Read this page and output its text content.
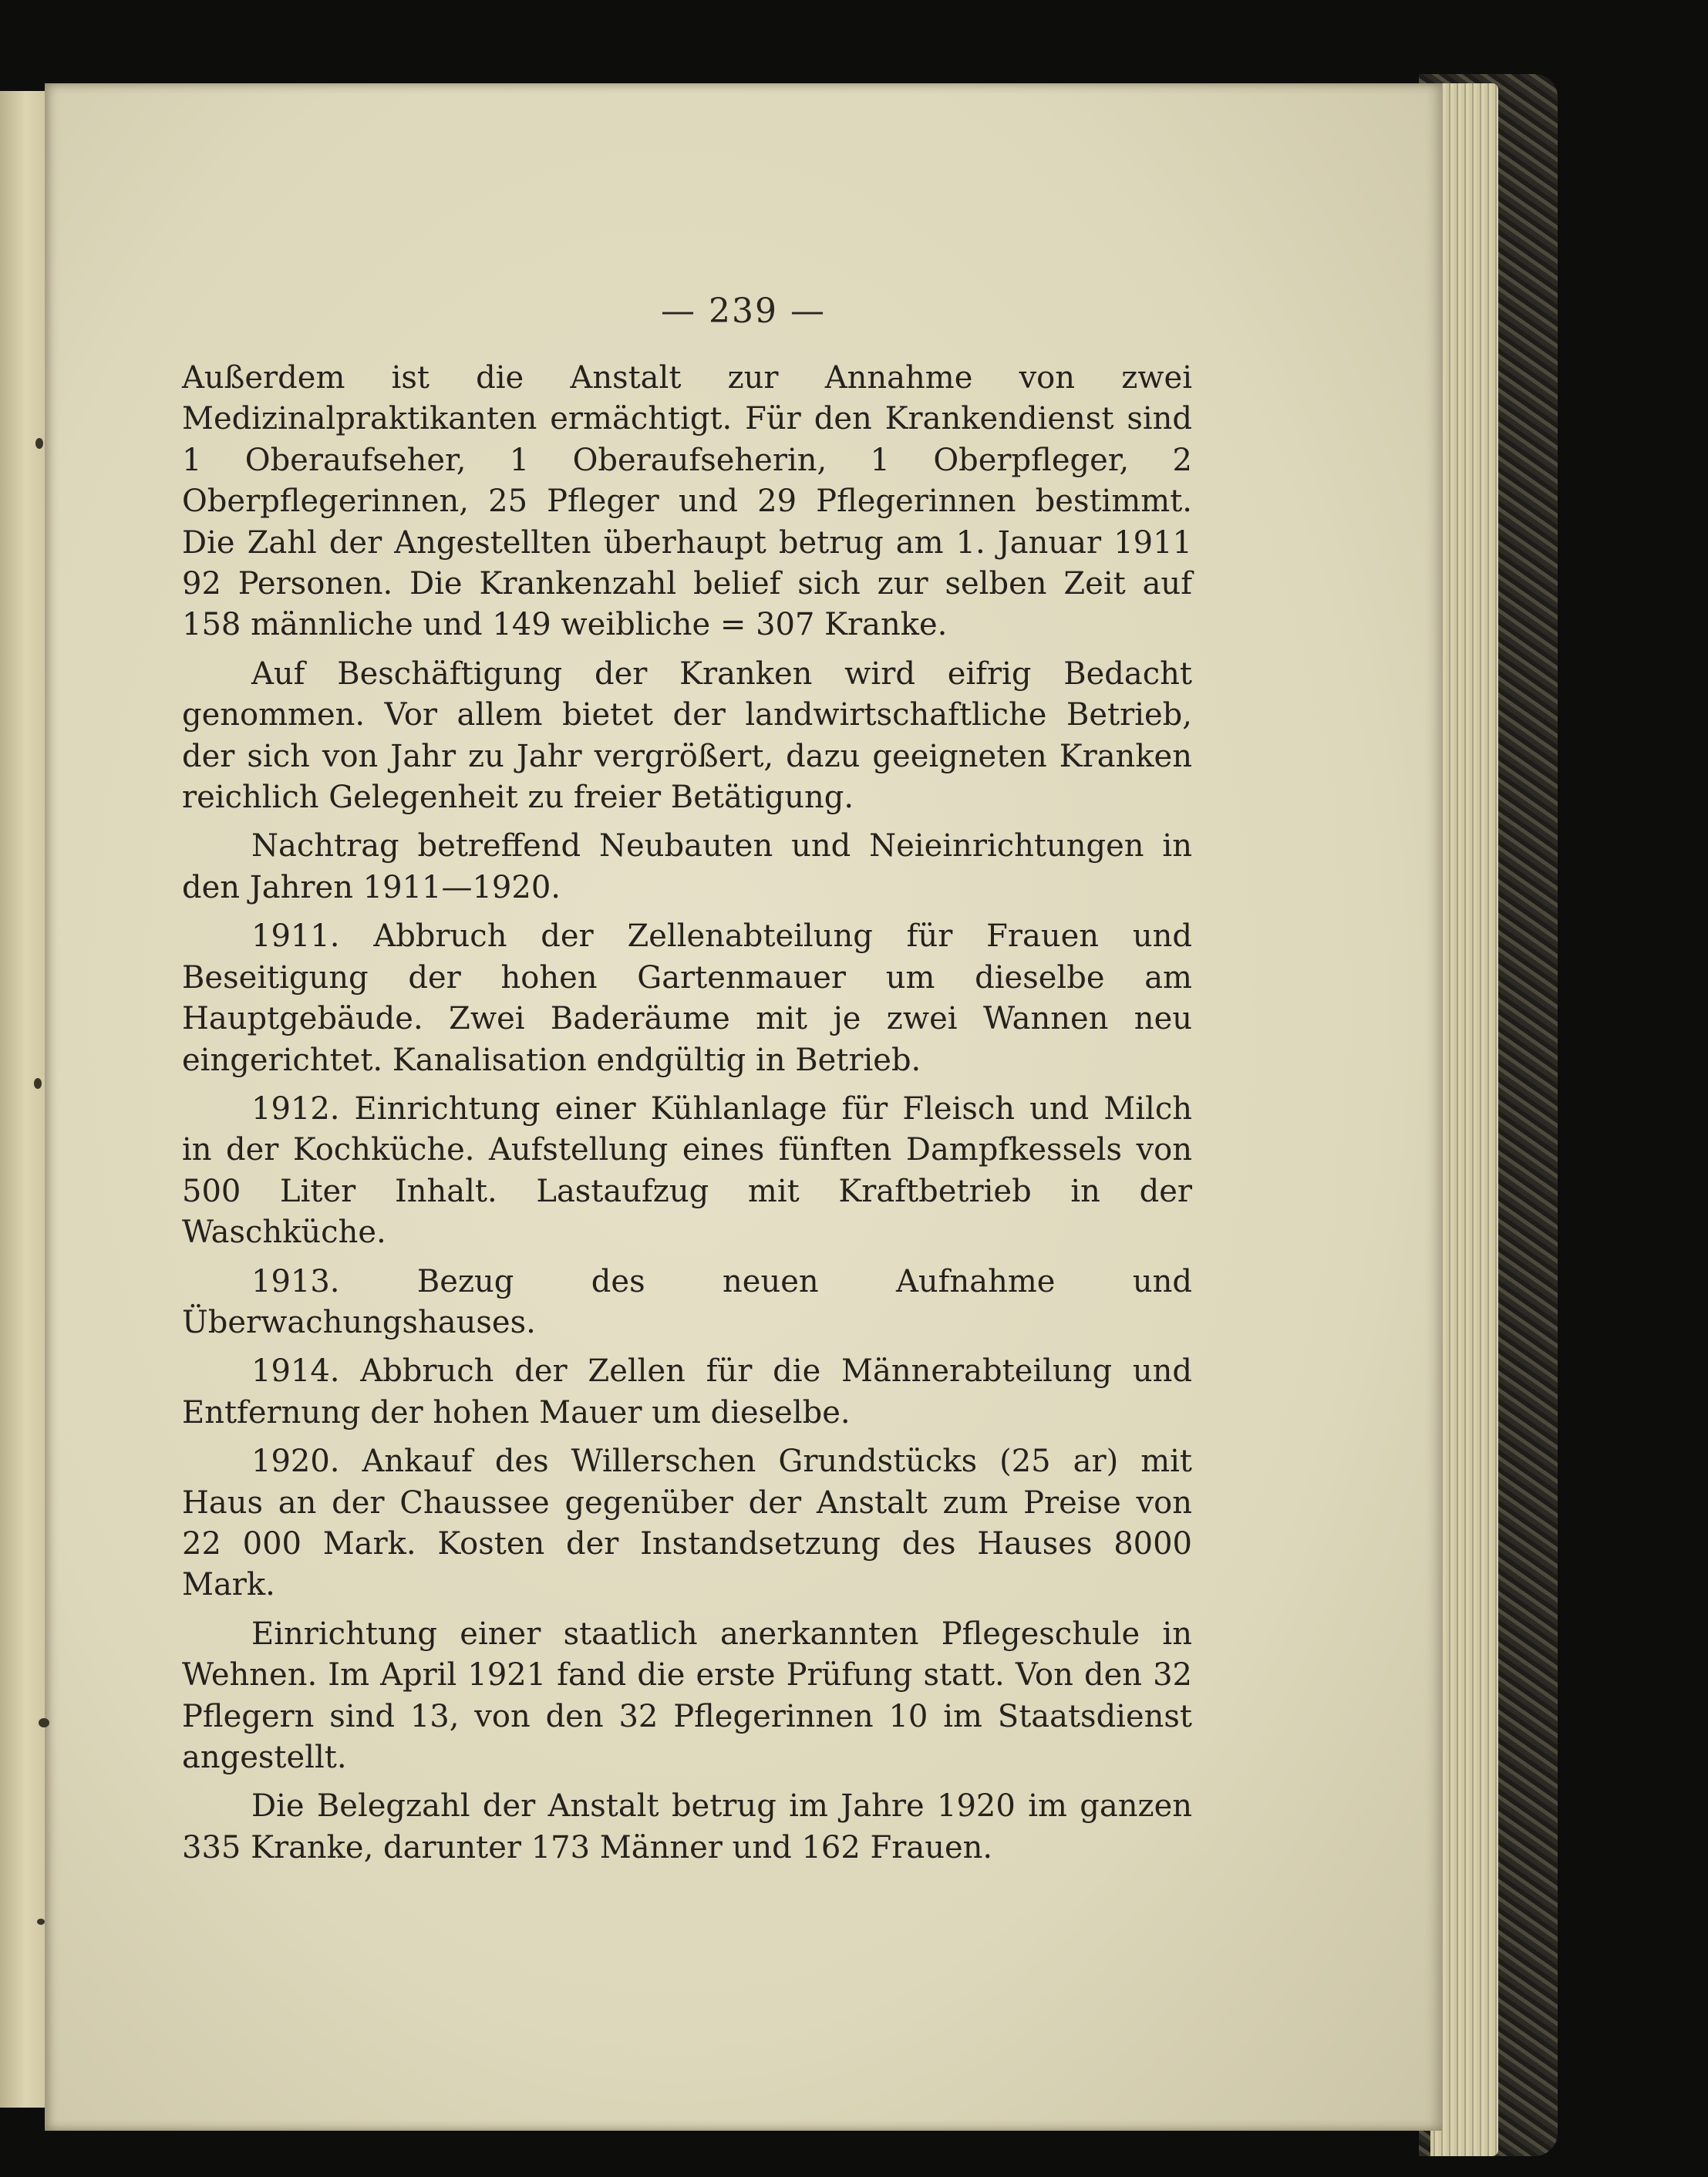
— 239 —

Außerdem ist die Anstalt zur Annahme von zwei Medizinalpraktikanten ermächtigt. Für den Krankendienst sind 1 Oberaufseher, 1 Oberaufseherin, 1 Oberpfleger, 2 Oberpflegerinnen, 25 Pfleger und 29 Pflegerinnen bestimmt. Die Zahl der Angestellten überhaupt betrug am 1. Januar 1911 92 Personen. Die Krankenzahl belief sich zur selben Zeit auf 158 männliche und 149 weibliche = 307 Kranke.

Auf Beschäftigung der Kranken wird eifrig Bedacht genommen. Vor allem bietet der landwirtschaftliche Betrieb, der sich von Jahr zu Jahr vergrößert, dazu geeigneten Kranken reichlich Gelegenheit zu freier Betätigung.

Nachtrag betreffend Neubauten und Neieinrichtungen in den Jahren 1911—1920.

1911. Abbruch der Zellenabteilung für Frauen und Beseitigung der hohen Gartenmauer um dieselbe am Hauptgebäude. Zwei Baderäume mit je zwei Wannen neu eingerichtet. Kanalisation endgültig in Betrieb.

1912. Einrichtung einer Kühlanlage für Fleisch und Milch in der Kochküche. Aufstellung eines fünften Dampfkessels von 500 Liter Inhalt. Lastaufzug mit Kraftbetrieb in der Waschküche.

1913. Bezug des neuen Aufnahme und Überwachungshauses.

1914. Abbruch der Zellen für die Männerabteilung und Entfernung der hohen Mauer um dieselbe.

1920. Ankauf des Willerschen Grundstücks (25 ar) mit Haus an der Chaussee gegenüber der Anstalt zum Preise von 22 000 Mark. Kosten der Instandsetzung des Hauses 8000 Mark.

Einrichtung einer staatlich anerkannten Pflegeschule in Wehnen. Im April 1921 fand die erste Prüfung statt. Von den 32 Pflegern sind 13, von den 32 Pflegerinnen 10 im Staatsdienst angestellt.

Die Belegzahl der Anstalt betrug im Jahre 1920 im ganzen 335 Kranke, darunter 173 Männer und 162 Frauen.
